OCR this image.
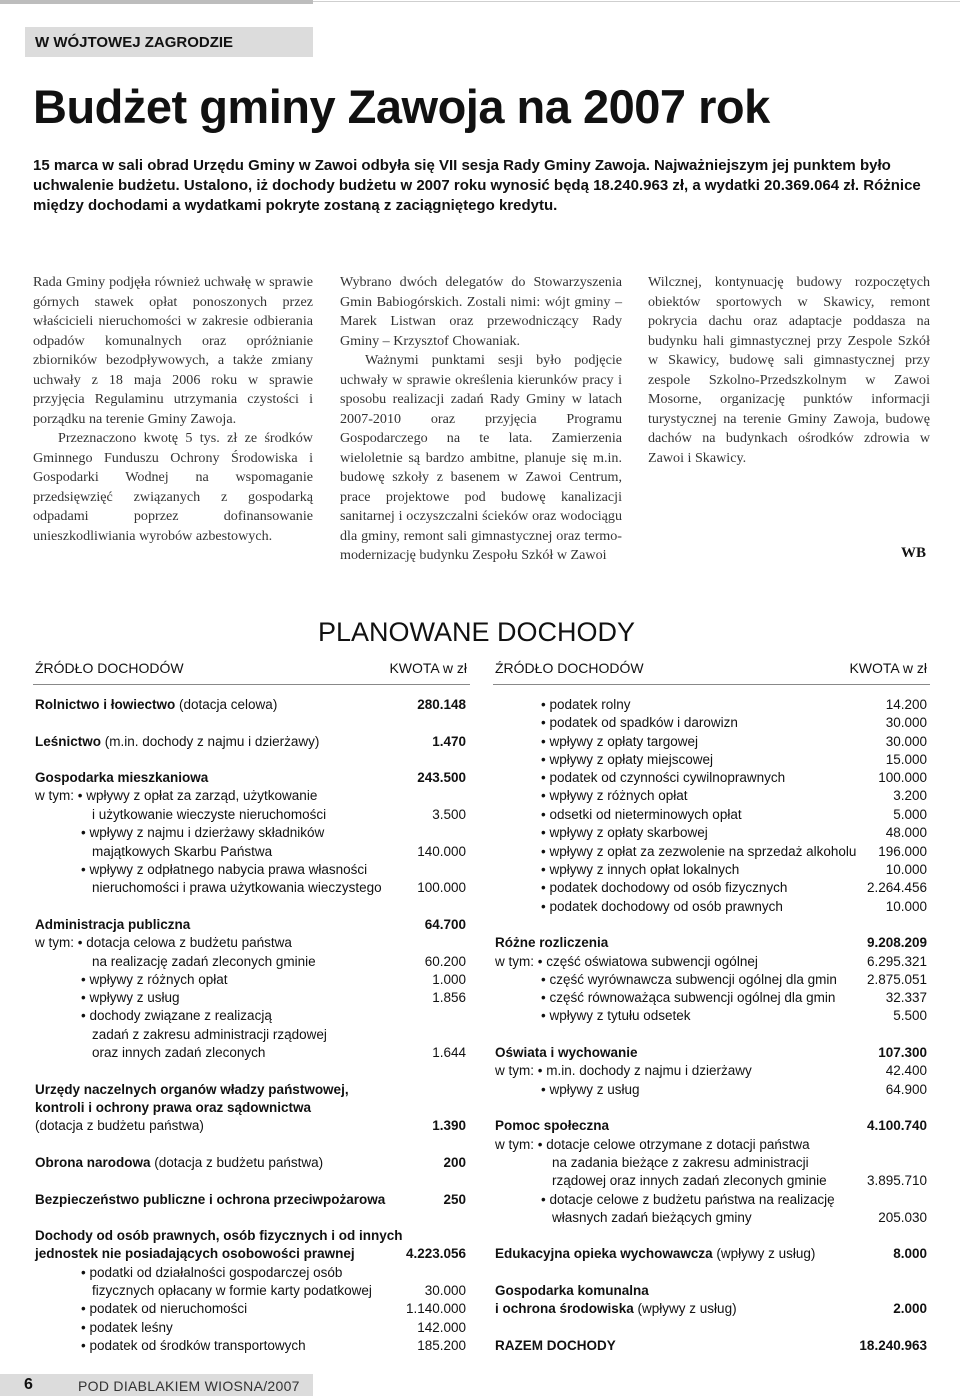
W WÓJTOWEJ ZAGRODZIE
Budżet gminy Zawoja na 2007 rok

15 marca w sali obrad Urzędu Gminy w Zawoi odbyła się VII sesja Rady Gminy Zawoja. Najważniejszym jej punktem było uchwalenie budżetu. Ustalono, iż dochody budżetu w 2007 roku wynosić będą 18.240.963 zł, a wydatki 20.369.064 zł. Różnice między dochodami a wydatkami pokryte zostaną z zaciągniętego kredytu.

Rada Gminy podjęła również uchwałę w sprawie górnych stawek opłat ponoszonych przez właścicieli nieruchomości w zakresie odbierania odpadów komunalnych oraz opróżnianie zbiorników bezodpływowych, a także zmiany uchwały z 18 maja 2006 roku w sprawie przyjęcia Regulaminu utrzymania czystości i porządku na terenie Gminy Zawoja.

Przeznaczono kwotę 5 tys. zł ze środków Gminnego Funduszu Ochrony Środowiska i Gospodarki Wodnej na wspomaganie przedsięwzięć związanych z gospodarką odpadami poprzez dofinansowanie unieszkodliwiania wyrobów azbestowych.

Wybrano dwóch delegatów do Stowarzyszenia Gmin Babiogórskich. Zostali nimi: wójt gminy – Marek Listwan oraz przewodniczący Rady Gminy – Krzysztof Chowaniak.

Ważnymi punktami sesji było podjęcie uchwały w sprawie określenia kierunków pracy i sposobu realizacji zadań Rady Gminy w latach 2007-2010 oraz przyjęcia Programu Gospodarczego na te lata. Zamierzenia wieloletnie są bardzo ambitne, planuje się m.in. budowę szkoły z basenem w Zawoi Centrum, prace projektowe pod budowę kanalizacji sanitarnej i oczyszczalni ścieków oraz wodociągu dla gminy, remont sali gimnastycznej oraz termo-modernizację budynku Zespołu Szkół w Zawoi

Wilcznej, kontynuację budowy rozpoczętych obiektów sportowych w Skawicy, remont pokrycia dachu oraz adaptacje poddasza na budynku hali gimnastycznej przy Zespole Szkół w Skawicy, budowę sali gimnastycznej przy zespole Szkolno-Przedszkolnym w Zawoi Mosorne, organizację punktów informacji turystycznej na terenie Gminy Zawoja, budowę dachów na budynkach ośrodków zdrowia w Zawoi i Skawicy.

WB
PLANOWANE DOCHODY
ŹRÓDŁO DOCHODÓW	KWOTA w zł ŹRÓDŁO DOCHODÓW	KWOTA w zł
Rolnictwo i łowiectwo (dotacja celowa)	280.148
Leśnictwo (m.in. dochody z najmu i dzierżawy)	1.470
Gospodarka mieszkaniowa	243.500
w tym: • wpływy z opłat za zarząd, użytkowanie
i użytkowanie wieczyste nieruchomości	3.500
• wpływy z najmu i dzierżawy składników
majątkowych Skarbu Państwa	140.000
• wpływy z odpłatnego nabycia prawa własności
nieruchomości i prawa użytkowania wieczystego	100.000
Administracja publiczna	64.700
w tym: • dotacja celowa z budżetu państwa
na realizację zadań zleconych gminie	60.200
• wpływy z różnych opłat	1.000
• wpływy z usług	1.856
• dochody związane z realizacją
zadań z zakresu administracji rządowej
oraz innych zadań zleconych	1.644
Urzędy naczelnych organów władzy państwowej,
kontroli i ochrony prawa oraz sądownictwa
(dotacja z budżetu państwa)	1.390
Obrona narodowa (dotacja z budżetu państwa)	200
Bezpieczeństwo publiczne i ochrona przeciwpożarowa	250
Dochody od osób prawnych, osób fizycznych i od innych
jednostek nie posiadających osobowości prawnej	4.223.056
• podatki od działalności gospodarczej osób
fizycznych opłacany w formie karty podatkowej	30.000
• podatek od nieruchomości	1.140.000
• podatek leśny	142.000
• podatek od środków transportowych	185.200
• podatek rolny	14.200
• podatek od spadków i darowizn	30.000
• wpływy z opłaty targowej	30.000
• wpływy z opłaty miejscowej	15.000
• podatek od czynności cywilnoprawnych	100.000
• wpływy z różnych opłat	3.200
• odsetki od nieterminowych opłat	5.000
• wpływy z opłaty skarbowej	48.000
• wpływy z opłat za zezwolenie na sprzedaż alkoholu	196.000
• wpływy z innych opłat lokalnych	10.000
• podatek dochodowy od osób fizycznych	2.264.456
• podatek dochodowy od osób prawnych	10.000
Różne rozliczenia	9.208.209
w tym: • część oświatowa subwencji ogólnej	6.295.321
• część wyrównawcza subwencji ogólnej dla gmin	2.875.051
• część równoważąca subwencji ogólnej dla gmin	32.337
• wpływy z tytułu odsetek	5.500
Oświata i wychowanie	107.300
w tym: • m.in. dochody z najmu i dzierżawy	42.400
• wpływy z usług	64.900
Pomoc społeczna	4.100.740
w tym: • dotacje celowe otrzymane z dotacji państwa
na zadania bieżące z zakresu administracji
rządowej oraz innych zadań zleconych gminie	3.895.710
• dotacje celowe z budżetu państwa na realizację
własnych zadań bieżących gminy	205.030
Edukacyjna opieka wychowawcza (wpływy z usług)	8.000
Gospodarka komunalna
i ochrona środowiska (wpływy z usług)	2.000
RAZEM DOCHODY	18.240.963
6	POD DIABLAKIEM WIOSNA/2007
